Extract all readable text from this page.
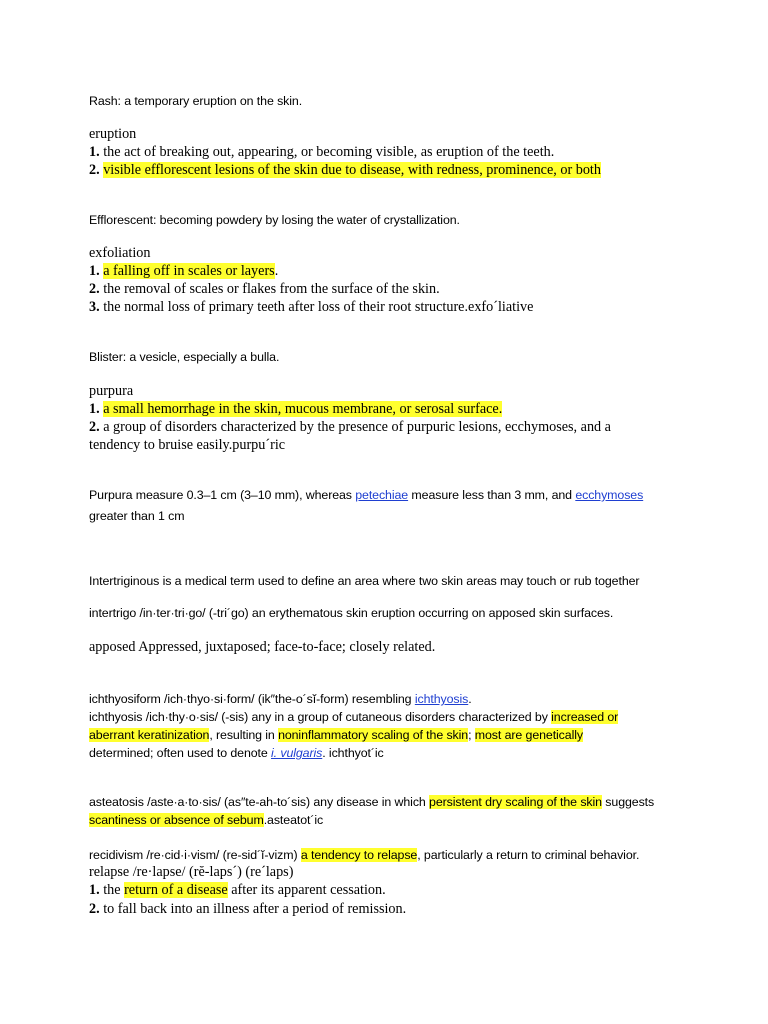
Rash: a temporary eruption on the skin.
eruption
1. the act of breaking out, appearing, or becoming visible, as eruption of the teeth.
2. visible efflorescent lesions of the skin due to disease, with redness, prominence, or both
Efflorescent: becoming powdery by losing the water of crystallization.
exfoliation
1. a falling off in scales or layers.
2. the removal of scales or flakes from the surface of the skin.
3. the normal loss of primary teeth after loss of their root structure.exfo´liative
Blister: a vesicle, especially a bulla.
purpura
1. a small hemorrhage in the skin, mucous membrane, or serosal surface.
2. a group of disorders characterized by the presence of purpuric lesions, ecchymoses, and a
tendency to bruise easily.purpu´ric
Purpura measure 0.3–1 cm (3–10 mm), whereas petechiae measure less than 3 mm, and ecchymoses
greater than 1 cm
Intertriginous is a medical term used to define an area where two skin areas may touch or rub together
intertrigo /in·ter·tri·go/ (-tri´go) an erythematous skin eruption occurring on apposed skin surfaces.
apposed Appressed, juxtaposed; face-to-face; closely related.
ichthyosiform /ich·thyo·si·form/ (ik″the-o´sĭ-form) resembling ichthyosis.
ichthyosis /ich·thy·o·sis/ (-sis) any in a group of cutaneous disorders characterized by increased or
aberrant keratinization, resulting in noninflammatory scaling of the skin; most are genetically
determined; often used to denote i. vulgaris. ichthyot´ic
asteatosis /aste·a·to·sis/ (as″te-ah-to´sis) any disease in which persistent dry scaling of the skin suggests
scantiness or absence of sebum.asteatot´ic
recidivism /re·cid·i·vism/ (re-sid´ĭ-vizm) a tendency to relapse, particularly a return to criminal behavior.
relapse /re·lapse/ (rĕ-laps´) (re´laps)
1. the return of a disease after its apparent cessation.
2. to fall back into an illness after a period of remission.
